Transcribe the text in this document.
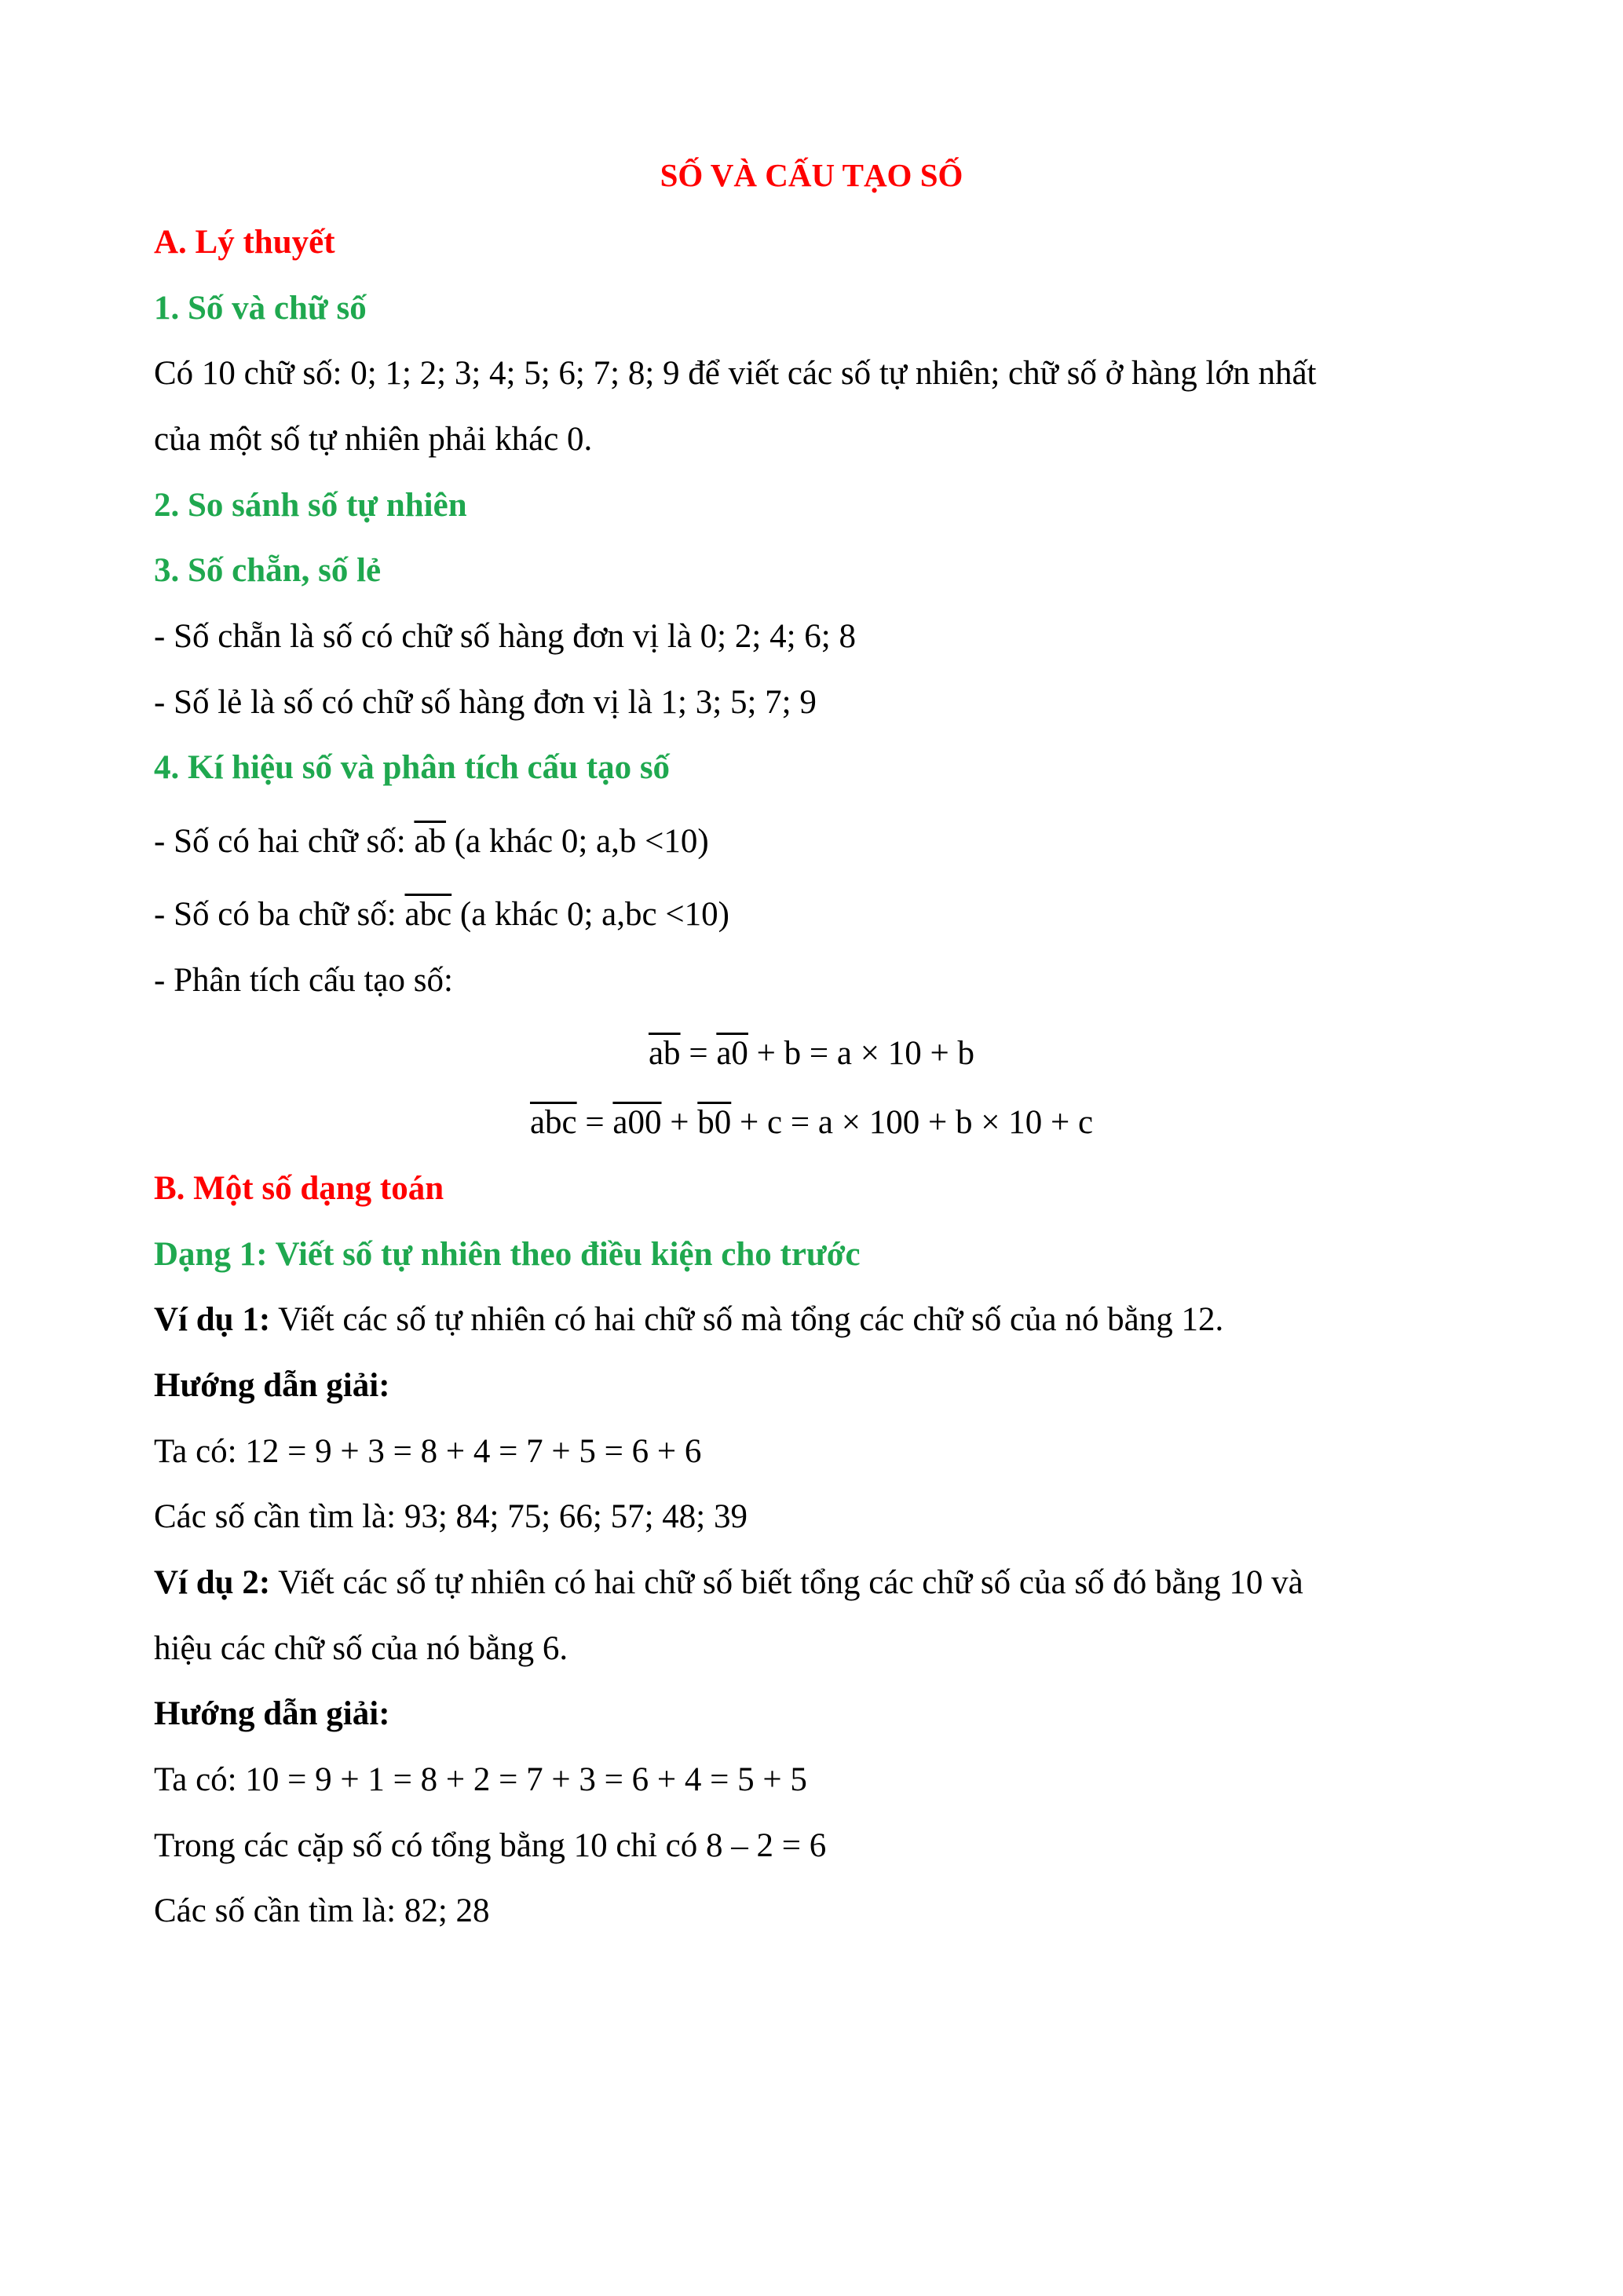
SỐ VÀ CẤU TẠO SỐ
A. Lý thuyết
1. Số và chữ số
Có 10 chữ số: 0; 1; 2; 3; 4; 5; 6; 7; 8; 9 để viết các số tự nhiên; chữ số ở hàng lớn nhất
của một số tự nhiên phải khác 0.
2. So sánh số tự nhiên
3. Số chẵn, số lẻ
- Số chẵn là số có chữ số hàng đơn vị là 0; 2; 4; 6; 8
- Số lẻ là số có chữ số hàng đơn vị là 1; 3; 5; 7; 9
4. Kí hiệu số và phân tích cấu tạo số
- Số có hai chữ số: $\overline{ab}$ (a khác 0; a,b <10)
- Số có ba chữ số: $\overline{abc}$ (a khác 0; a,bc <10)
- Phân tích cấu tạo số:
$\overline{ab} = a0 + b = a \times 10 + b$
$\overline{abc} = a00 + b0 + c = a \times 100 + b \times 10 + c$
B. Một số dạng toán
Dạng 1: Viết số tự nhiên theo điều kiện cho trước
Ví dụ 1: Viết các số tự nhiên có hai chữ số mà tổng các chữ số của nó bằng 12.
Hướng dẫn giải:
Ta có: 12 = 9 + 3 = 8 + 4 = 7 + 5 = 6 + 6
Các số cần tìm là: 93; 84; 75; 66; 57; 48; 39
Ví dụ 2: Viết các số tự nhiên có hai chữ số biết tổng các chữ số của số đó bằng 10 và
hiệu các chữ số của nó bằng 6.
Hướng dẫn giải:
Ta có: 10 = 9 + 1 = 8 + 2 = 7 + 3 = 6 + 4 = 5 + 5
Trong các cặp số có tổng bằng 10 chỉ có 8 – 2 = 6
Các số cần tìm là: 82; 28
